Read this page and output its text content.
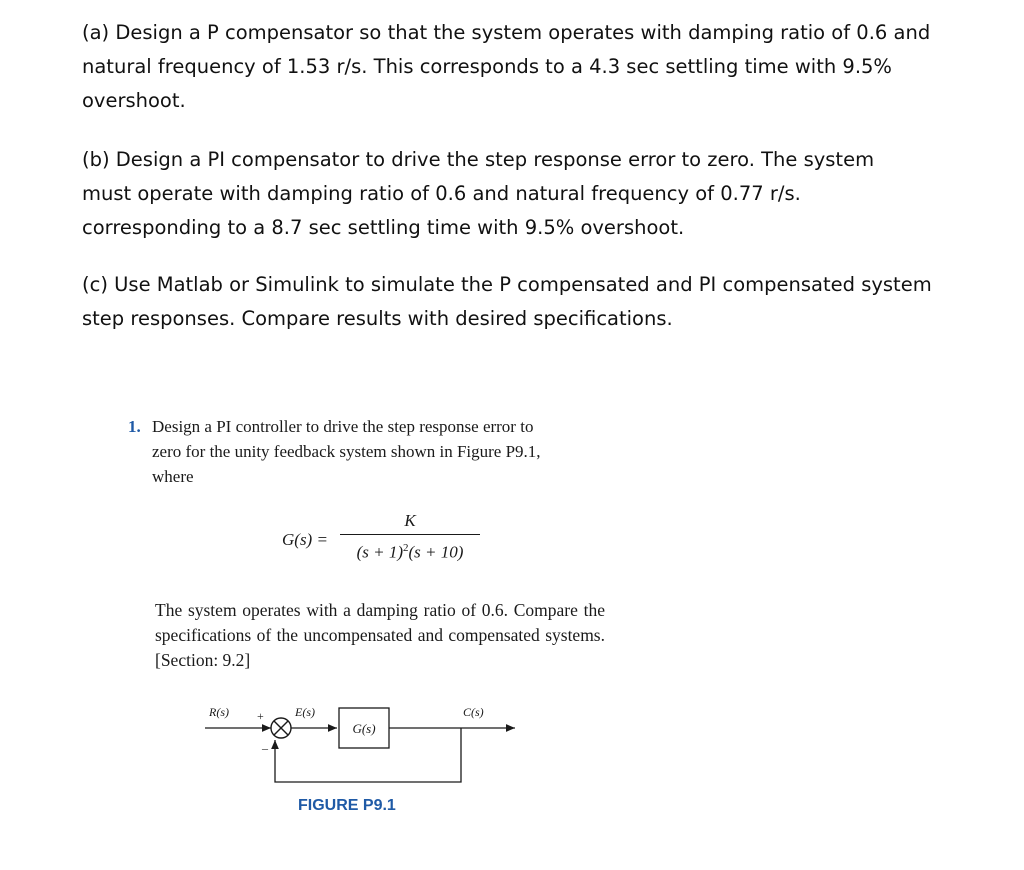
(a) Design a P compensator so that the system operates with damping ratio of 0.6 and

natural frequency of 1.53 r/s. This corresponds to a 4.3 sec settling time with 9.5%

overshoot.

(b) Design a PI compensator to drive the step response error to zero. The system

must operate with damping ratio of 0.6 and natural frequency of 0.77 r/s.

corresponding to a 8.7 sec settling time with 9.5% overshoot.

(c) Use Matlab or Simulink to simulate the P compensated and PI compensated system

step responses. Compare results with desired specifications.

1. Design a PI controller to drive the step response error to
zero for the unity feedback system shown in Figure P9.1,
where
G(s) =
K
$(s + 1)^2(s + 10)$
The system operates with a damping ratio of 0.6. Compare the specifications of the uncompensated and compensated systems. [Section: 9.2]
R(s) +
–
E(s)
G(s)
C(s)
FIGURE P9.1
